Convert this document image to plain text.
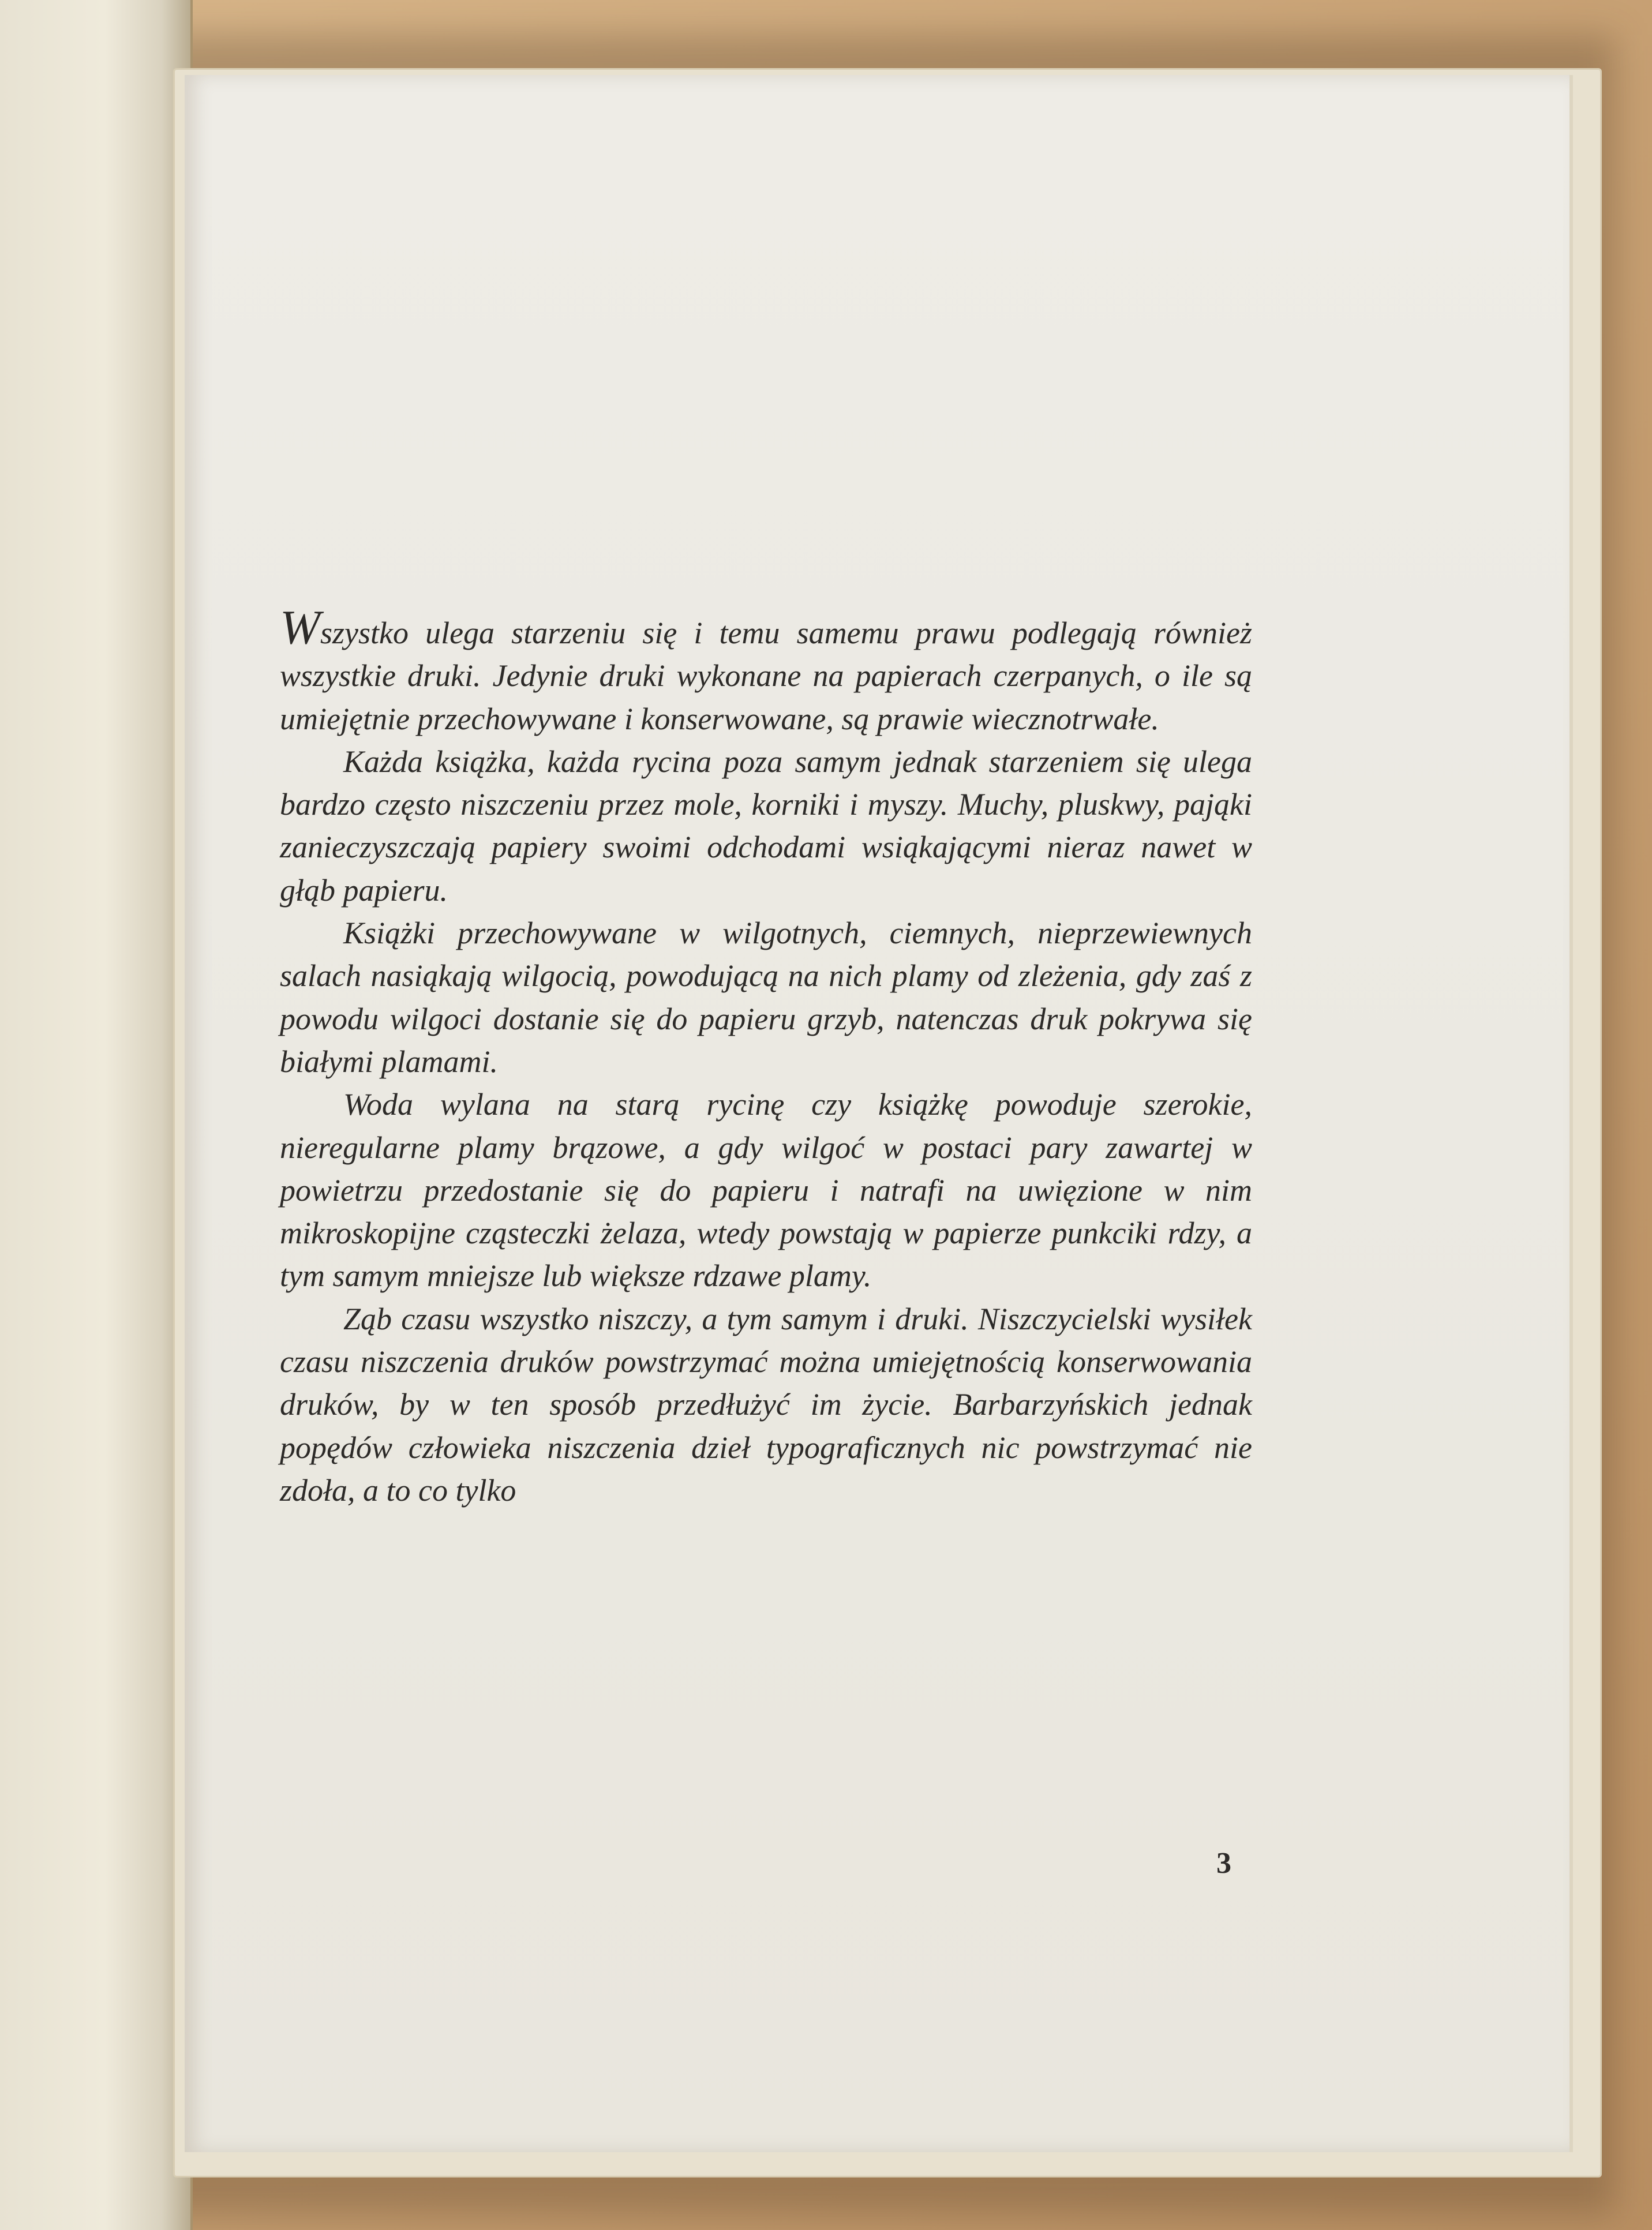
Wszystko ulega starzeniu się i temu samemu prawu podlegają również wszystkie druki. Jedynie druki wykonane na papierach czerpanych, o ile są umiejętnie przechowywane i konserwowane, są prawie wiecznotrwałe.

Każda książka, każda rycina poza samym jednak starzeniem się ulega bardzo często niszczeniu przez mole, korniki i myszy. Muchy, pluskwy, pająki zanieczyszczają papiery swoimi odchodami wsiąkającymi nieraz nawet w głąb papieru.

Książki przechowywane w wilgotnych, ciemnych, nieprzewiewnych salach nasiąkają wilgocią, powodującą na nich plamy od zleżenia, gdy zaś z powodu wilgoci dostanie się do papieru grzyb, natenczas druk pokrywa się białymi plamami.

Woda wylana na starą rycinę czy książkę powoduje szerokie, nieregularne plamy brązowe, a gdy wilgoć w postaci pary zawartej w powietrzu przedostanie się do papieru i natrafi na uwięzione w nim mikroskopijne cząsteczki żelaza, wtedy powstają w papierze punkciki rdzy, a tym samym mniejsze lub większe rdzawe plamy.

Ząb czasu wszystko niszczy, a tym samym i druki. Niszczycielski wysiłek czasu niszczenia druków powstrzymać można umiejętnością konserwowania druków, by w ten sposób przedłużyć im życie. Barbarzyńskich jednak popędów człowieka niszczenia dzieł typograficznych nic powstrzymać nie zdoła, a to co tylko

3
